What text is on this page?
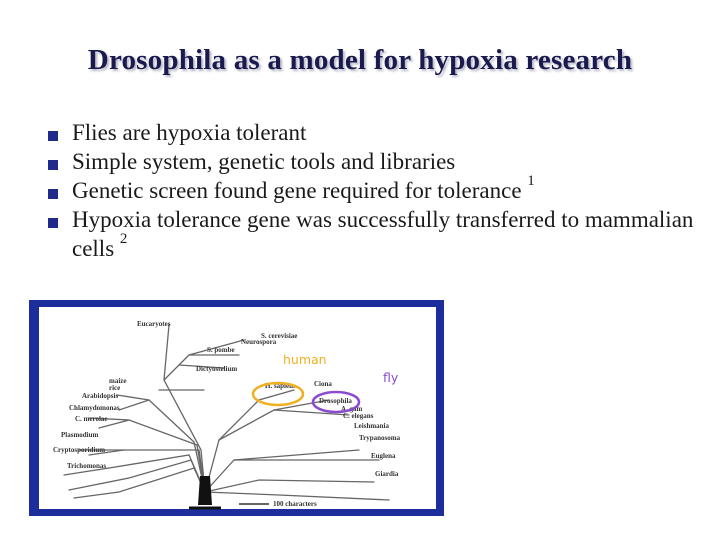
Drosophila as a model for hypoxia research
Flies are hypoxia tolerant
Simple system, genetic tools and libraries
Genetic screen found gene required for tolerance $^1$
Hypoxia tolerance gene was successfully transferred to mammalian cells $^2$
100 characters
Eucaryotes
S. cerevisiae
Neurospora
S. pombe
Dictyostelium
maize
rice
Arabidopsis
Chlamydomonas
C. merolae
H. sapiens	Ciona
Drosophila
A. gam
C. elegans
Leishmania
Trypanosoma
Euglena
Plasmodium
Cryptosporidium
Trichomonas
Giardia
human
fly
